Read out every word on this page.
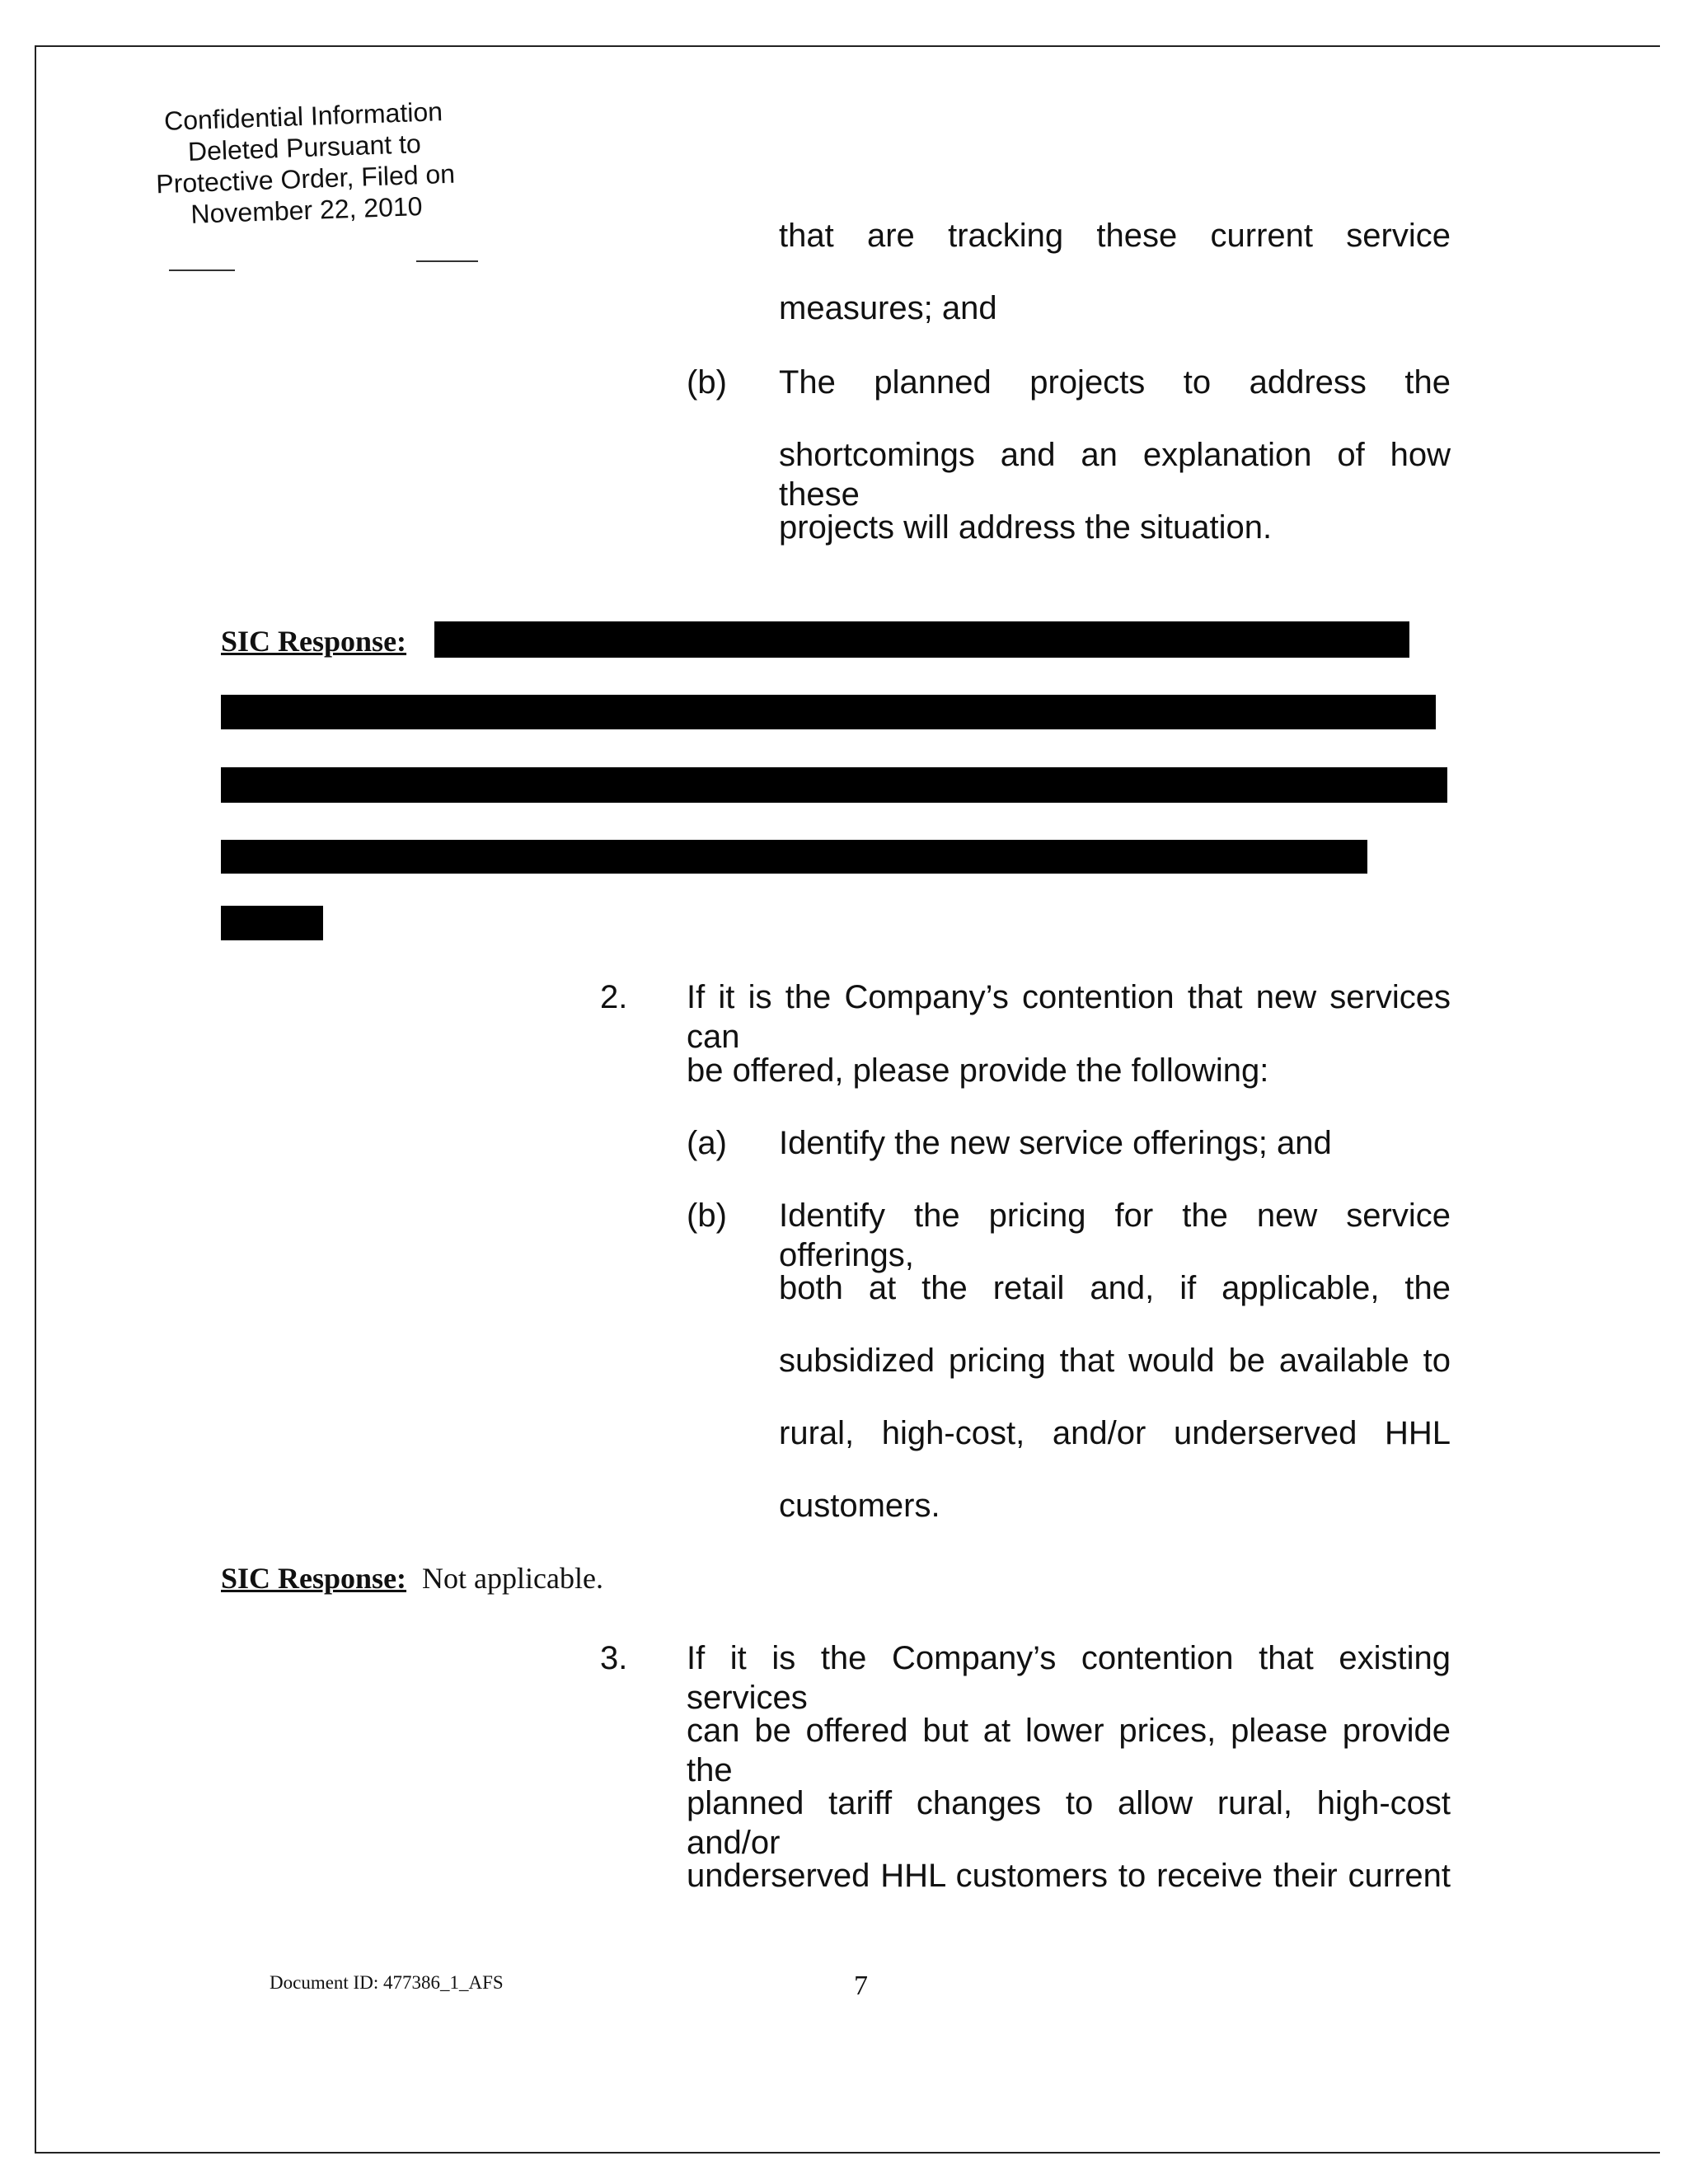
Confidential Information
Deleted Pursuant to
Protective Order, Filed on
November 22, 2010
that are tracking these current service
measures; and
(b) The planned projects to address the
shortcomings and an explanation of how these
projects will address the situation.
SIC Response:
2. If it is the Company’s contention that new services can
be offered, please provide the following:
(a) Identify the new service offerings; and
(b) Identify the pricing for the new service offerings,
both at the retail and, if applicable, the
subsidized pricing that would be available to
rural, high-cost, and/or underserved HHL
customers.
SIC Response: Not applicable.
3. If it is the Company’s contention that existing services
can be offered but at lower prices, please provide the
planned tariff changes to allow rural, high-cost and/or
underserved HHL customers to receive their current
Document ID: 477386_1_AFS	7
